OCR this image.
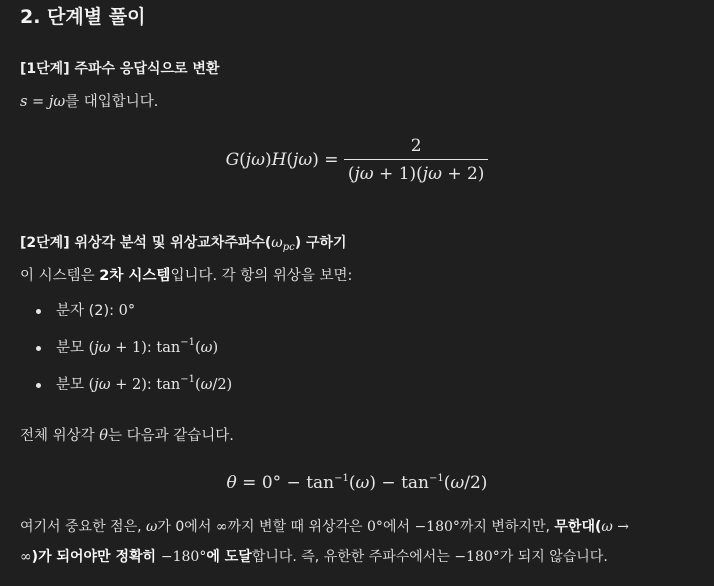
2. 단계별 풀이

[1단계] 주파수 응답식으로 변환

s = jω를 대입합니다.

$G(j\omega)H(j\omega) = \frac{2}{(j\omega + 1)(j\omega + 2)}$

[2단계] 위상각 분석 및 위상교차주파수$(\omega_{pc})$ 구하기

이 시스템은 2차 시스템입니다. 각 항의 위상을 보면:

분자 (2): 0°
분모 (jω + 1): $\tan^{-1}(\omega)$
분모 (jω + 2): $\tan^{-1}(\omega/2)$

전체 위상각 θ는 다음과 같습니다.

$\theta = 0^\circ - \tan^{-1}(\omega) - \tan^{-1}(\omega/2)$

여기서 중요한 점은, ω가 0에서 ∞까지 변할 때 위상각은 0°에서 −180°까지 변하지만, 무한대(ω →

∞)가 되어야만 정확히 −180°에 도달합니다. 즉, 유한한 주파수에서는 −180°가 되지 않습니다.
